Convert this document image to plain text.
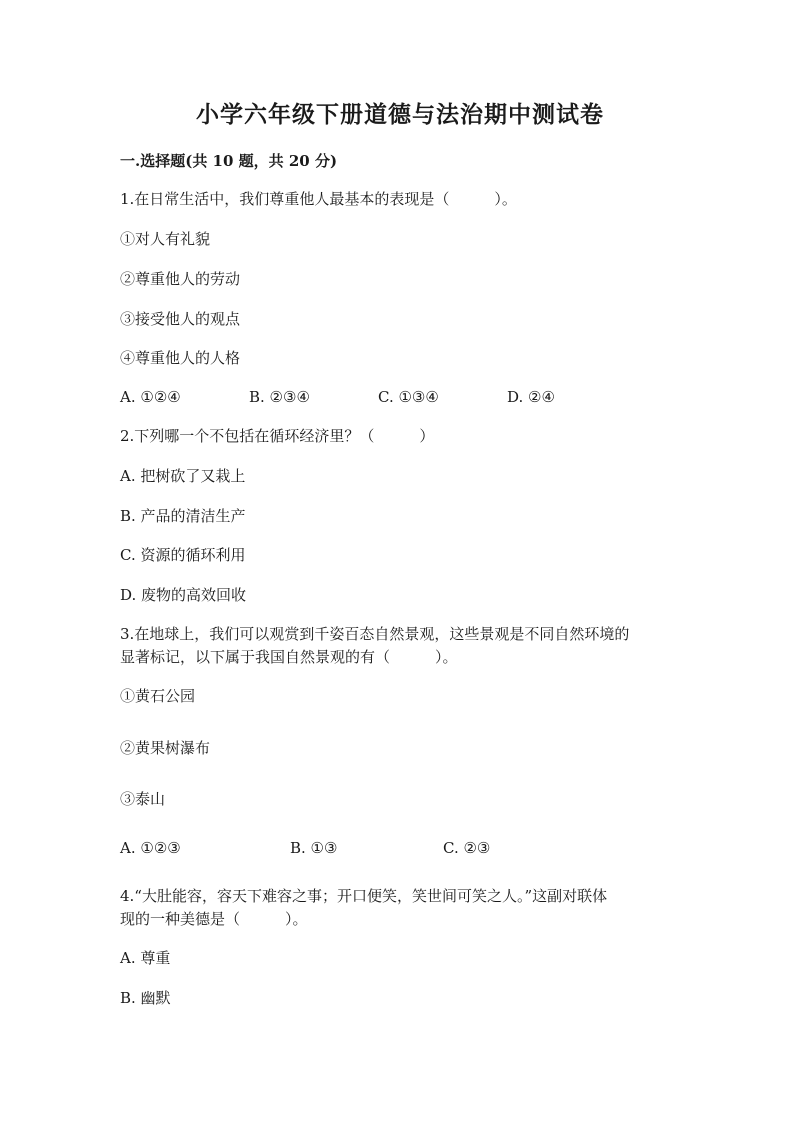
小学六年级下册道德与法治期中测试卷
一.选择题(共 10 题，共 20 分)
1.在日常生活中，我们尊重他人最基本的表现是（　　　）。
①对人有礼貌
②尊重他人的劳动
③接受他人的观点
④尊重他人的人格
A. ①②④	B. ②③④	C. ①③④	D. ②④
2.下列哪一个不包括在循环经济里？（　　　）
A. 把树砍了又栽上
B. 产品的清洁生产
C. 资源的循环利用
D. 废物的高效回收
3.在地球上，我们可以观赏到千姿百态自然景观，这些景观是不同自然环境的
显著标记，以下属于我国自然景观的有（　　　）。
①黄石公园
②黄果树瀑布
③泰山
A. ①②③	B. ①③	C. ②③
4.“大肚能容，容天下难容之事；开口便笑，笑世间可笑之人。”这副对联体
现的一种美德是（　　　）。
A. 尊重
B. 幽默
